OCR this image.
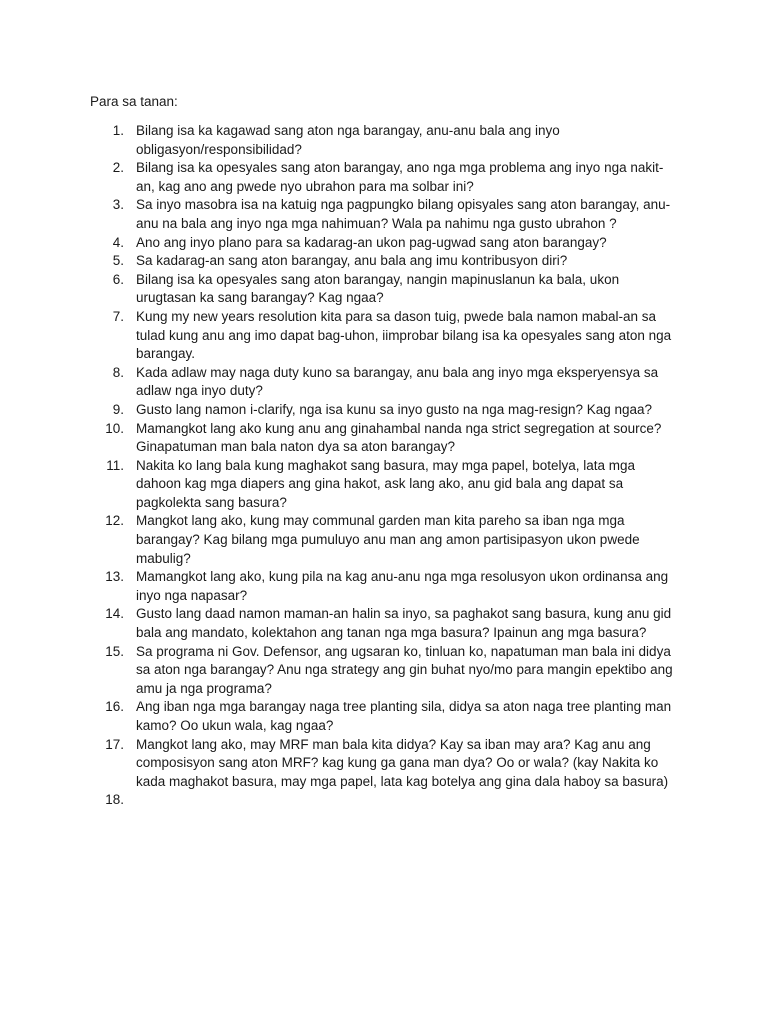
Para sa tanan:

1. Bilang isa ka kagawad sang aton nga barangay, anu-anu bala ang inyo obligasyon/responsibilidad?
2. Bilang isa ka opesyales sang aton barangay, ano nga mga problema ang inyo nga nakit-an, kag ano ang pwede nyo ubrahon para ma solbar ini?
3. Sa inyo masobra isa na katuig nga pagpungko bilang opisyales sang aton barangay, anu-anu na bala ang inyo nga mga nahimuan? Wala pa nahimu nga gusto ubrahon ?
4. Ano ang inyo plano para sa kadarag-an ukon pag-ugwad sang aton barangay?
5. Sa kadarag-an sang aton barangay, anu bala ang imu kontribusyon diri?
6. Bilang isa ka opesyales sang aton barangay, nangin mapinuslanun ka bala, ukon urugtasan ka sang barangay? Kag ngaa?
7. Kung my new years resolution kita para sa dason tuig, pwede bala namon mabal-an sa tulad kung anu ang imo dapat bag-uhon, iimprobar bilang isa ka opesyales sang aton nga barangay.
8. Kada adlaw may naga duty kuno sa barangay, anu bala ang inyo mga eksperyensya sa adlaw nga inyo duty?
9. Gusto lang namon i-clarify, nga isa kunu sa inyo gusto na nga mag-resign? Kag ngaa?
10. Mamangkot lang ako kung anu ang ginahambal nanda nga strict segregation at source? Ginapatuman man bala naton dya sa aton barangay?
11. Nakita ko lang bala kung maghakot sang basura, may mga papel, botelya, lata mga dahoon kag mga diapers ang gina hakot, ask lang ako, anu gid bala ang dapat sa pagkolekta sang basura?
12. Mangkot lang ako, kung may communal garden man kita pareho sa iban nga mga barangay? Kag bilang mga pumuluyo anu man ang amon partisipasyon ukon pwede mabulig?
13. Mamangkot lang ako, kung pila na kag anu-anu nga mga resolusyon ukon ordinansa ang inyo nga napasar?
14. Gusto lang daad namon maman-an halin sa inyo, sa paghakot sang basura, kung anu gid bala ang mandato, kolektahon ang tanan nga mga basura? Ipainun ang mga basura?
15. Sa programa ni Gov. Defensor, ang ugsaran ko, tinluan ko, napatuman man bala ini didya sa aton nga barangay? Anu nga strategy ang gin buhat nyo/mo para mangin epektibo ang amu ja nga programa?
16. Ang iban nga mga barangay naga tree planting sila, didya sa aton naga tree planting man kamo? Oo ukun wala, kag ngaa?
17. Mangkot lang ako, may MRF man bala kita didya? Kay sa iban may ara? Kag anu ang composisyon sang aton MRF? kag kung ga gana man dya? Oo or wala? (kay Nakita ko kada maghakot basura, may mga papel, lata kag botelya ang gina dala haboy sa basura)
18.
